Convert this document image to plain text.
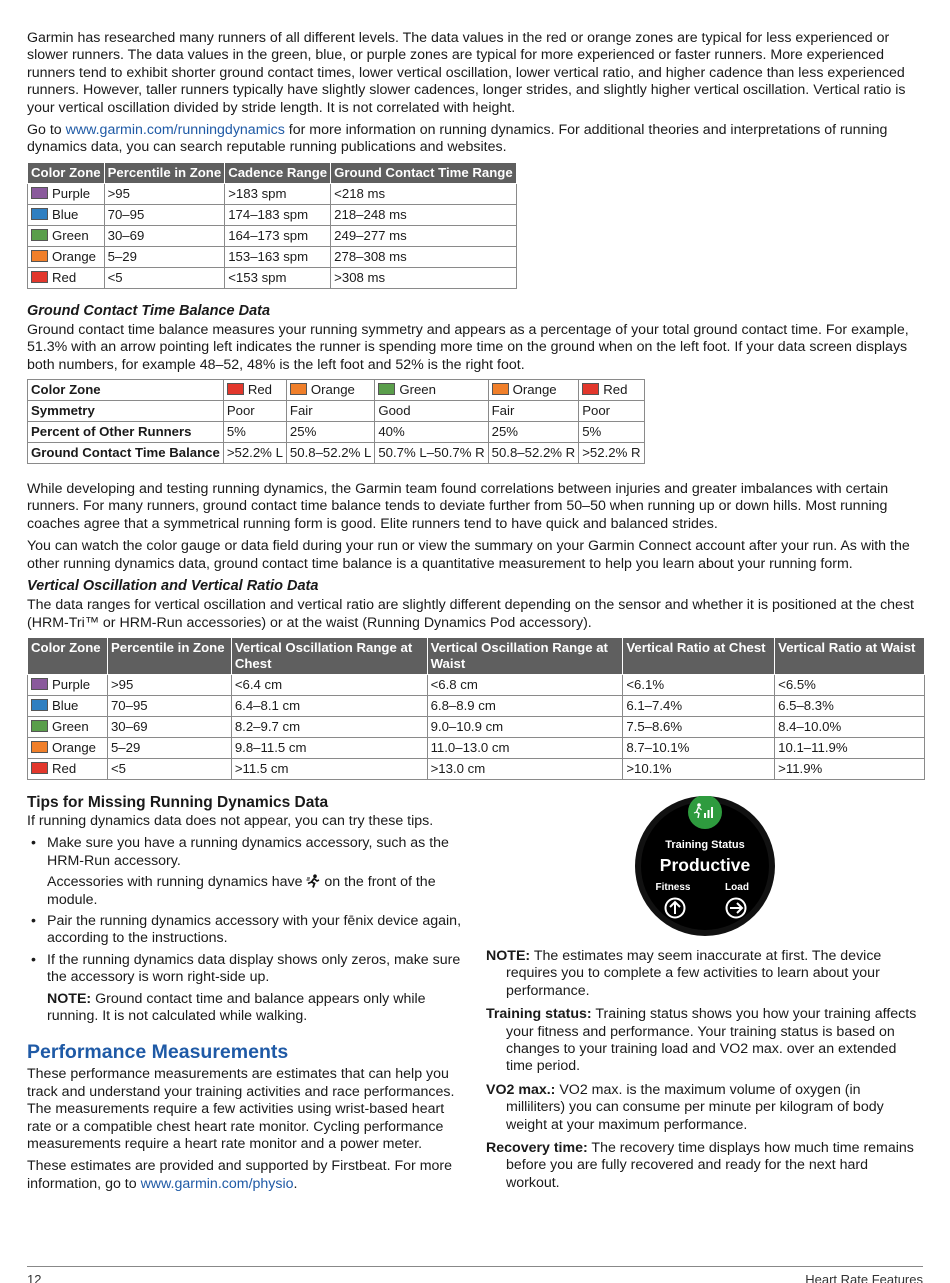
Garmin has researched many runners of all different levels. The data values in the red or orange zones are typical for less experienced or slower runners. The data values in the green, blue, or purple zones are typical for more experienced or faster runners. More experienced runners tend to exhibit shorter ground contact times, lower vertical oscillation, lower vertical ratio, and higher cadence than less experienced runners. However, taller runners typically have slightly slower cadences, longer strides, and slightly higher vertical oscillation. Vertical ratio is your vertical oscillation divided by stride length. It is not correlated with height.

Go to www.garmin.com/runningdynamics for more information on running dynamics. For additional theories and interpretations of running dynamics data, you can search reputable running publications and websites.

Color Zone	Percentile in Zone	Cadence Range	Ground Contact Time Range
Purple	>95	>183 spm	<218 ms
Blue	70–95	174–183 spm	218–248 ms
Green	30–69	164–173 spm	249–277 ms
Orange	5–29	153–163 spm	278–308 ms
Red	<5	<153 spm	>308 ms
Ground Contact Time Balance Data

Ground contact time balance measures your running symmetry and appears as a percentage of your total ground contact time. For example, 51.3% with an arrow pointing left indicates the runner is spending more time on the ground when on the left foot. If your data screen displays both numbers, for example 48–52, 48% is the left foot and 52% is the right foot.

Color Zone	Red	Orange	Green	Orange	Red
Symmetry	Poor	Fair	Good	Fair	Poor
Percent of Other Runners	5%	25%	40%	25%	5%
Ground Contact Time Balance	>52.2% L	50.8–52.2% L	50.7% L–50.7% R	50.8–52.2% R	>52.2% R

While developing and testing running dynamics, the Garmin team found correlations between injuries and greater imbalances with certain runners. For many runners, ground contact time balance tends to deviate further from 50–50 when running up or down hills. Most running coaches agree that a symmetrical running form is good. Elite runners tend to have quick and balanced strides.

You can watch the color gauge or data field during your run or view the summary on your Garmin Connect account after your run. As with the other running dynamics data, ground contact time balance is a quantitative measurement to help you learn about your running form.

Vertical Oscillation and Vertical Ratio Data

The data ranges for vertical oscillation and vertical ratio are slightly different depending on the sensor and whether it is positioned at the chest (HRM-Tri™ or HRM-Run accessories) or at the waist (Running Dynamics Pod accessory).

Color Zone	Percentile in Zone	Vertical Oscillation Range at Chest	Vertical Oscillation Range at Waist	Vertical Ratio at Chest	Vertical Ratio at Waist
Purple	>95	<6.4 cm	<6.8 cm	<6.1%	<6.5%
Blue	70–95	6.4–8.1 cm	6.8–8.9 cm	6.1–7.4%	6.5–8.3%
Green	30–69	8.2–9.7 cm	9.0–10.9 cm	7.5–8.6%	8.4–10.0%
Orange	5–29	9.8–11.5 cm	11.0–13.0 cm	8.7–10.1%	10.1–11.9%
Red	<5	>11.5 cm	>13.0 cm	>10.1%	>11.9%
Tips for Missing Running Dynamics Data

If running dynamics data does not appear, you can try these tips.

• Make sure you have a running dynamics accessory, such as the HRM-Run accessory.
Accessories with running dynamics have  on the front of the module.
• Pair the running dynamics accessory with your fēnix device again, according to the instructions.
• If the running dynamics data display shows only zeros, make sure the accessory is worn right-side up.
NOTE: Ground contact time and balance appears only while running. It is not calculated while walking.
Performance Measurements

These performance measurements are estimates that can help you track and understand your training activities and race performances. The measurements require a few activities using wrist-based heart rate or a compatible chest heart rate monitor. Cycling performance measurements require a heart rate monitor and a power meter.

These estimates are provided and supported by Firstbeat. For more information, go to www.garmin.com/physio.

Training Status
Productive
Fitness	Load

NOTE: The estimates may seem inaccurate at first. The device requires you to complete a few activities to learn about your performance.

Training status: Training status shows you how your training affects your fitness and performance. Your training status is based on changes to your training load and VO2 max. over an extended time period.

VO2 max.: VO2 max. is the maximum volume of oxygen (in milliliters) you can consume per minute per kilogram of body weight at your maximum performance.

Recovery time: The recovery time displays how much time remains before you are fully recovered and ready for the next hard workout.

12	Heart Rate Features
